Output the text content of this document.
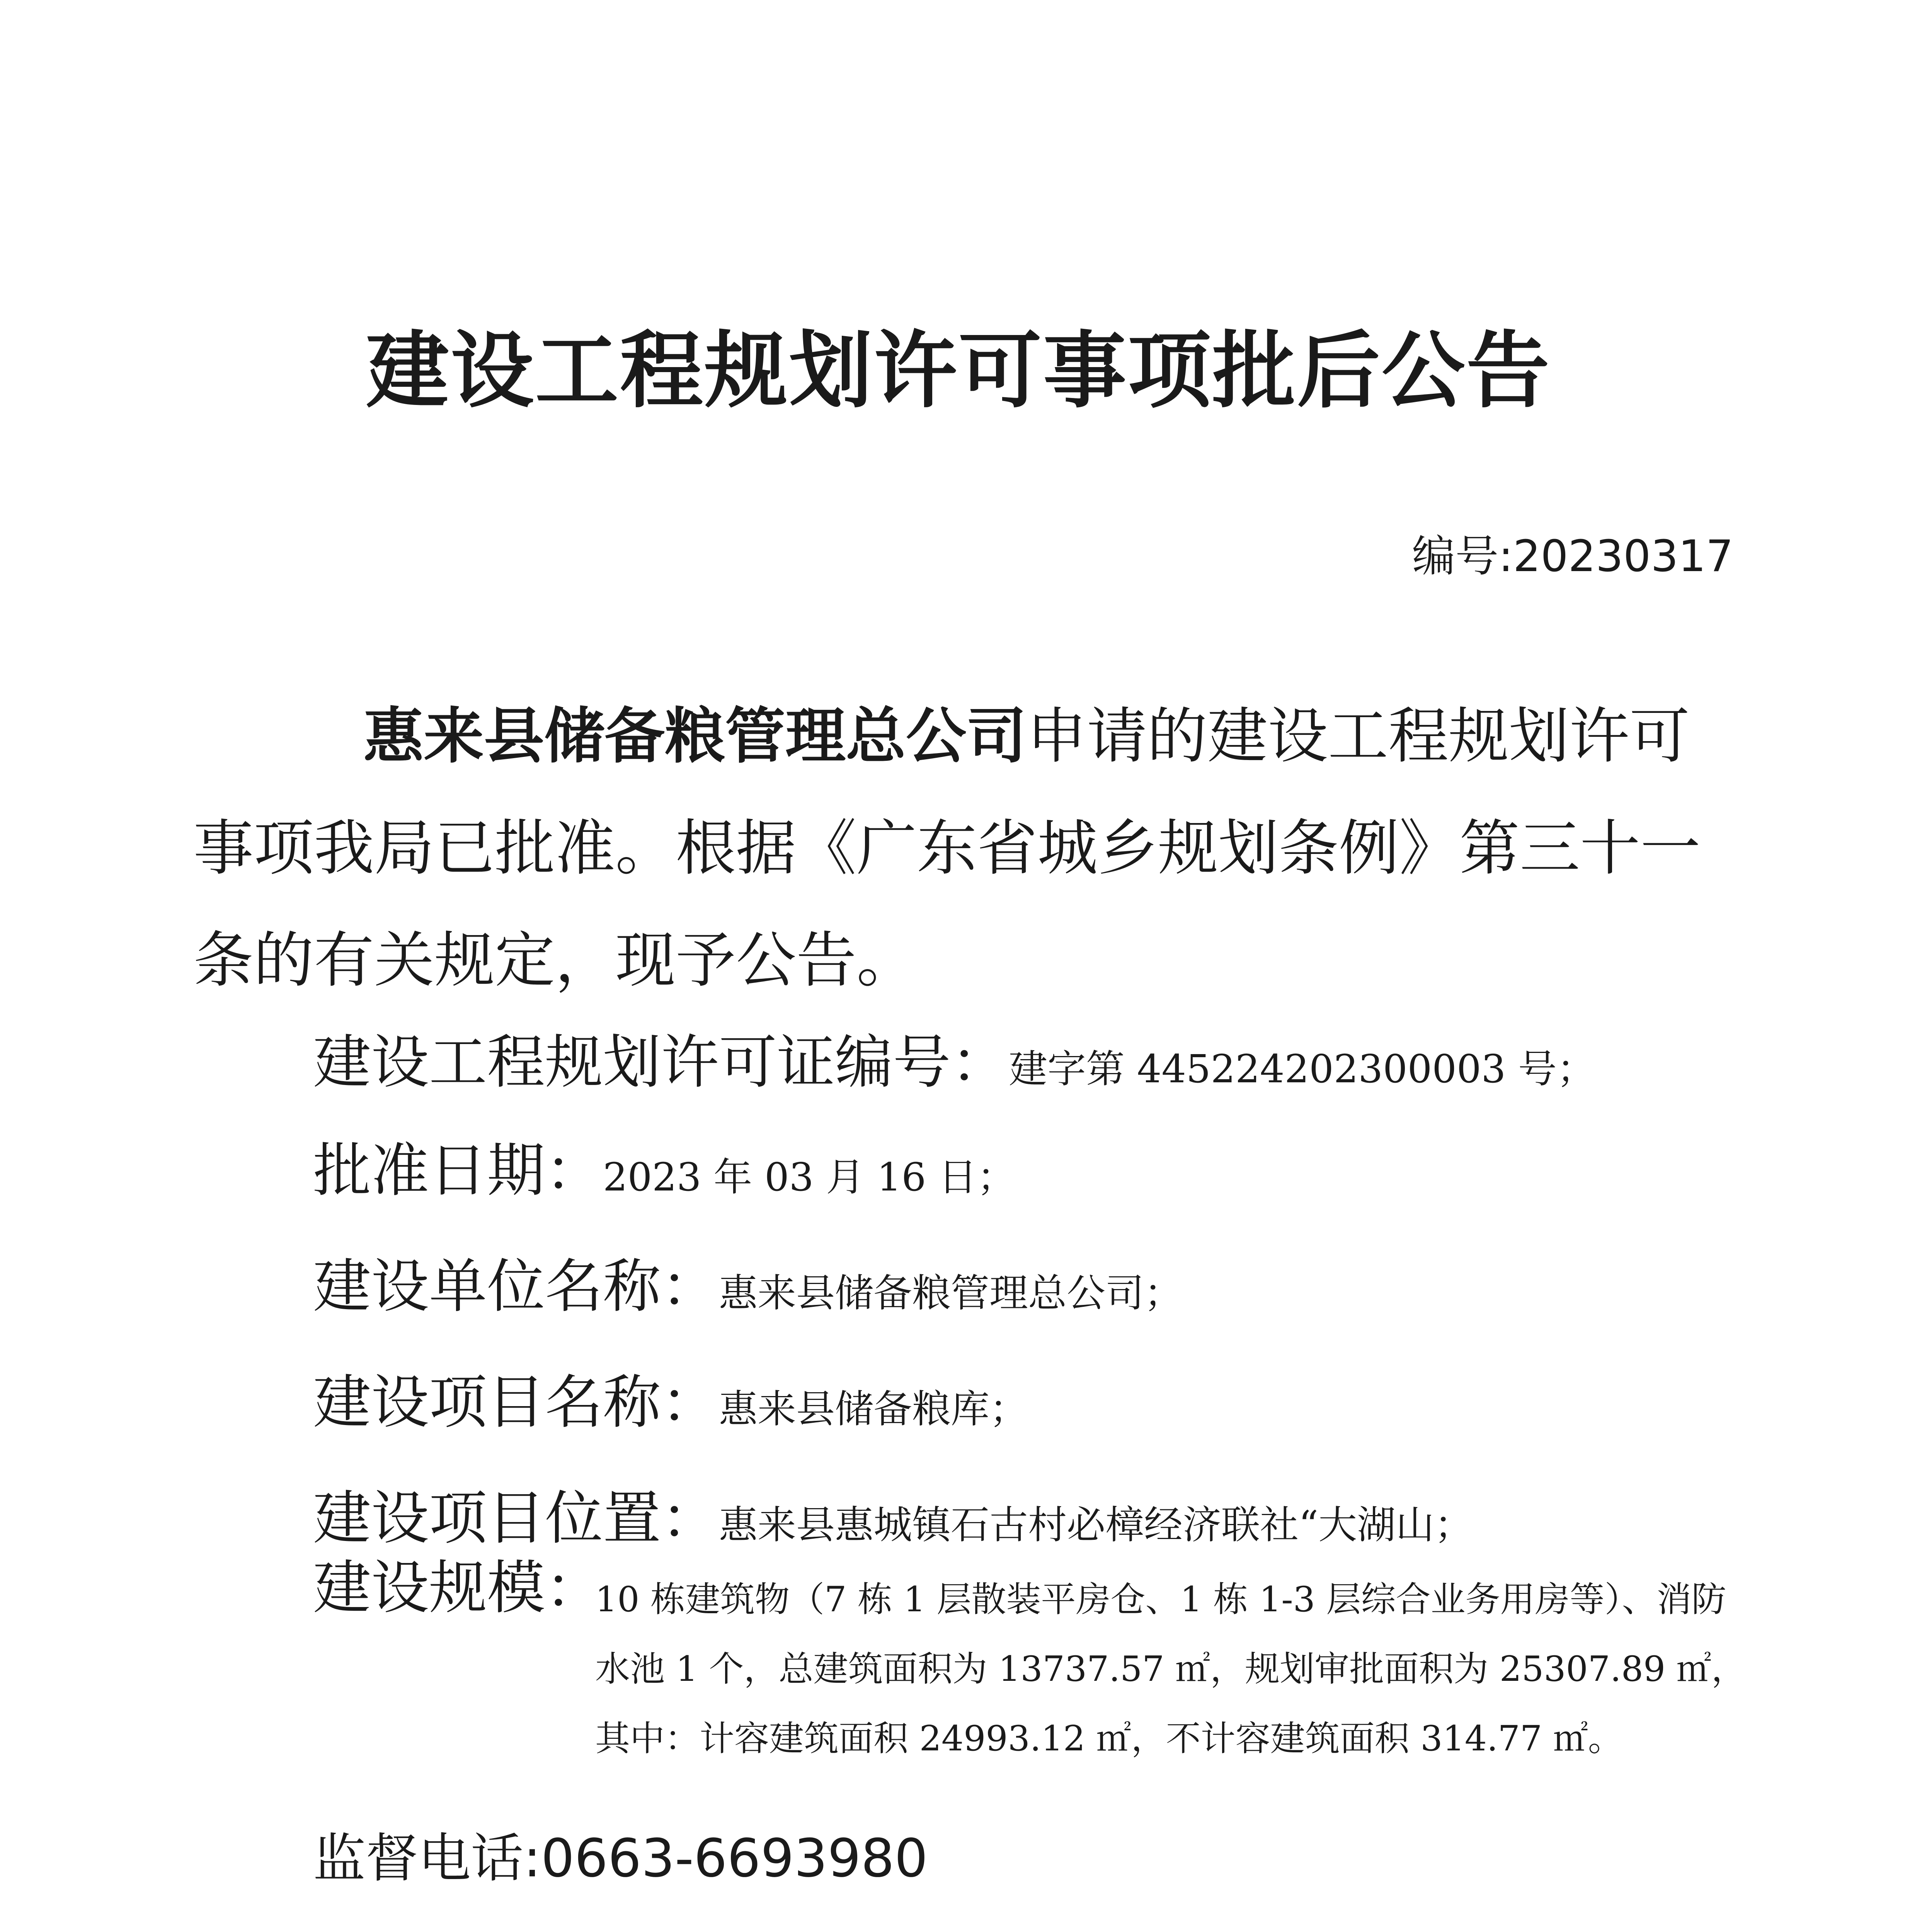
建设工程规划许可事项批后公告
编号:20230317

惠来县储备粮管理总公司申请的建设工程规划许可事项我局已批准。根据《广东省城乡规划条例》第三十一条的有关规定，现予公告。

建设工程规划许可证编号：建字第 445224202300003 号；
批准日期：2023 年 03 月 16 日；
建设单位名称：惠来县储备粮管理总公司；
建设项目名称：惠来县储备粮库；
建设项目位置：惠来县惠城镇石古村必樟经济联社“大湖山；
建设规模：
10 栋建筑物（7 栋 1 层散装平房仓、1 栋 1-3 层综合业务用房等）、消防水池 1 个，总建筑面积为 13737.57 ㎡，规划审批面积为 25307.89 ㎡，其中：计容建筑面积 24993.12 ㎡，不计容建筑面积 314.77 ㎡。
监督电话:0663-6693980
